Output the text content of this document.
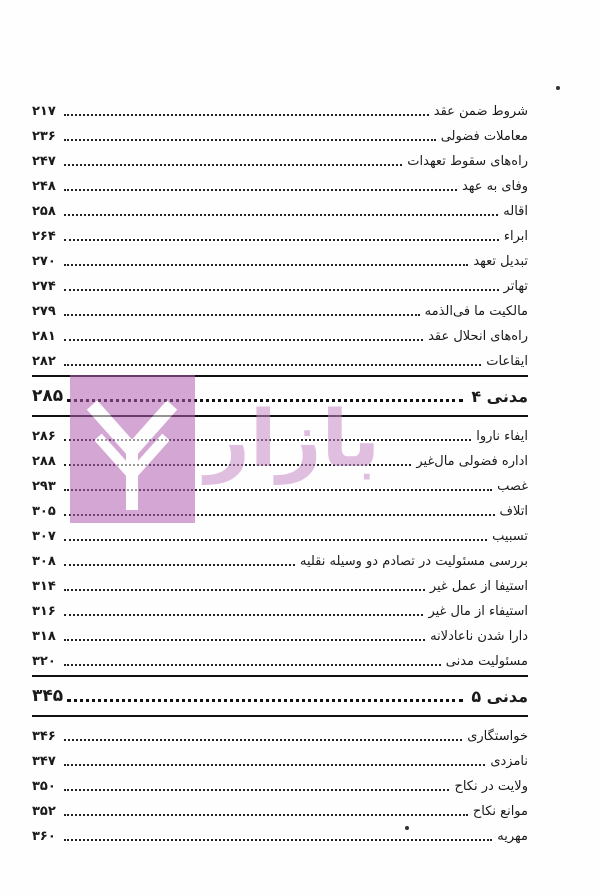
شروط ضمن عقد
۲۱۷
معاملات فضولی
۲۳۶
راه‌های سقوط تعهدات
۲۴۷
وفای به عهد
۲۴۸
اقاله
۲۵۸
ابراء
۲۶۴
تبدیل تعهد
۲۷۰
تهاتر
۲۷۴
مالکیت ما فی‌الذمه
۲۷۹
راه‌های انحلال عقد
۲۸۱
ایقاعات
۲۸۲
مدنی ۴
۲۸۵
ایفاء ناروا
۲۸۶
اداره فضولی مال‌غیر
۲۸۸
غصب
۲۹۳
اتلاف
۳۰۵
تسبیب
۳۰۷
بررسی مسئولیت در تصادم دو وسیله نقلیه
۳۰۸
استیفا از عمل غیر
۳۱۴
استیفاء از مال غیر
۳۱۶
دارا شدن ناعادلانه
۳۱۸
مسئولیت مدنی
۳۲۰
مدنی ۵
۳۴۵
خواستگاری
۳۴۶
نامزدی
۳۴۷
ولایت در نکاح
۳۵۰
موانع نکاح
۳۵۲
مهریه
۳۶۰
بازار
